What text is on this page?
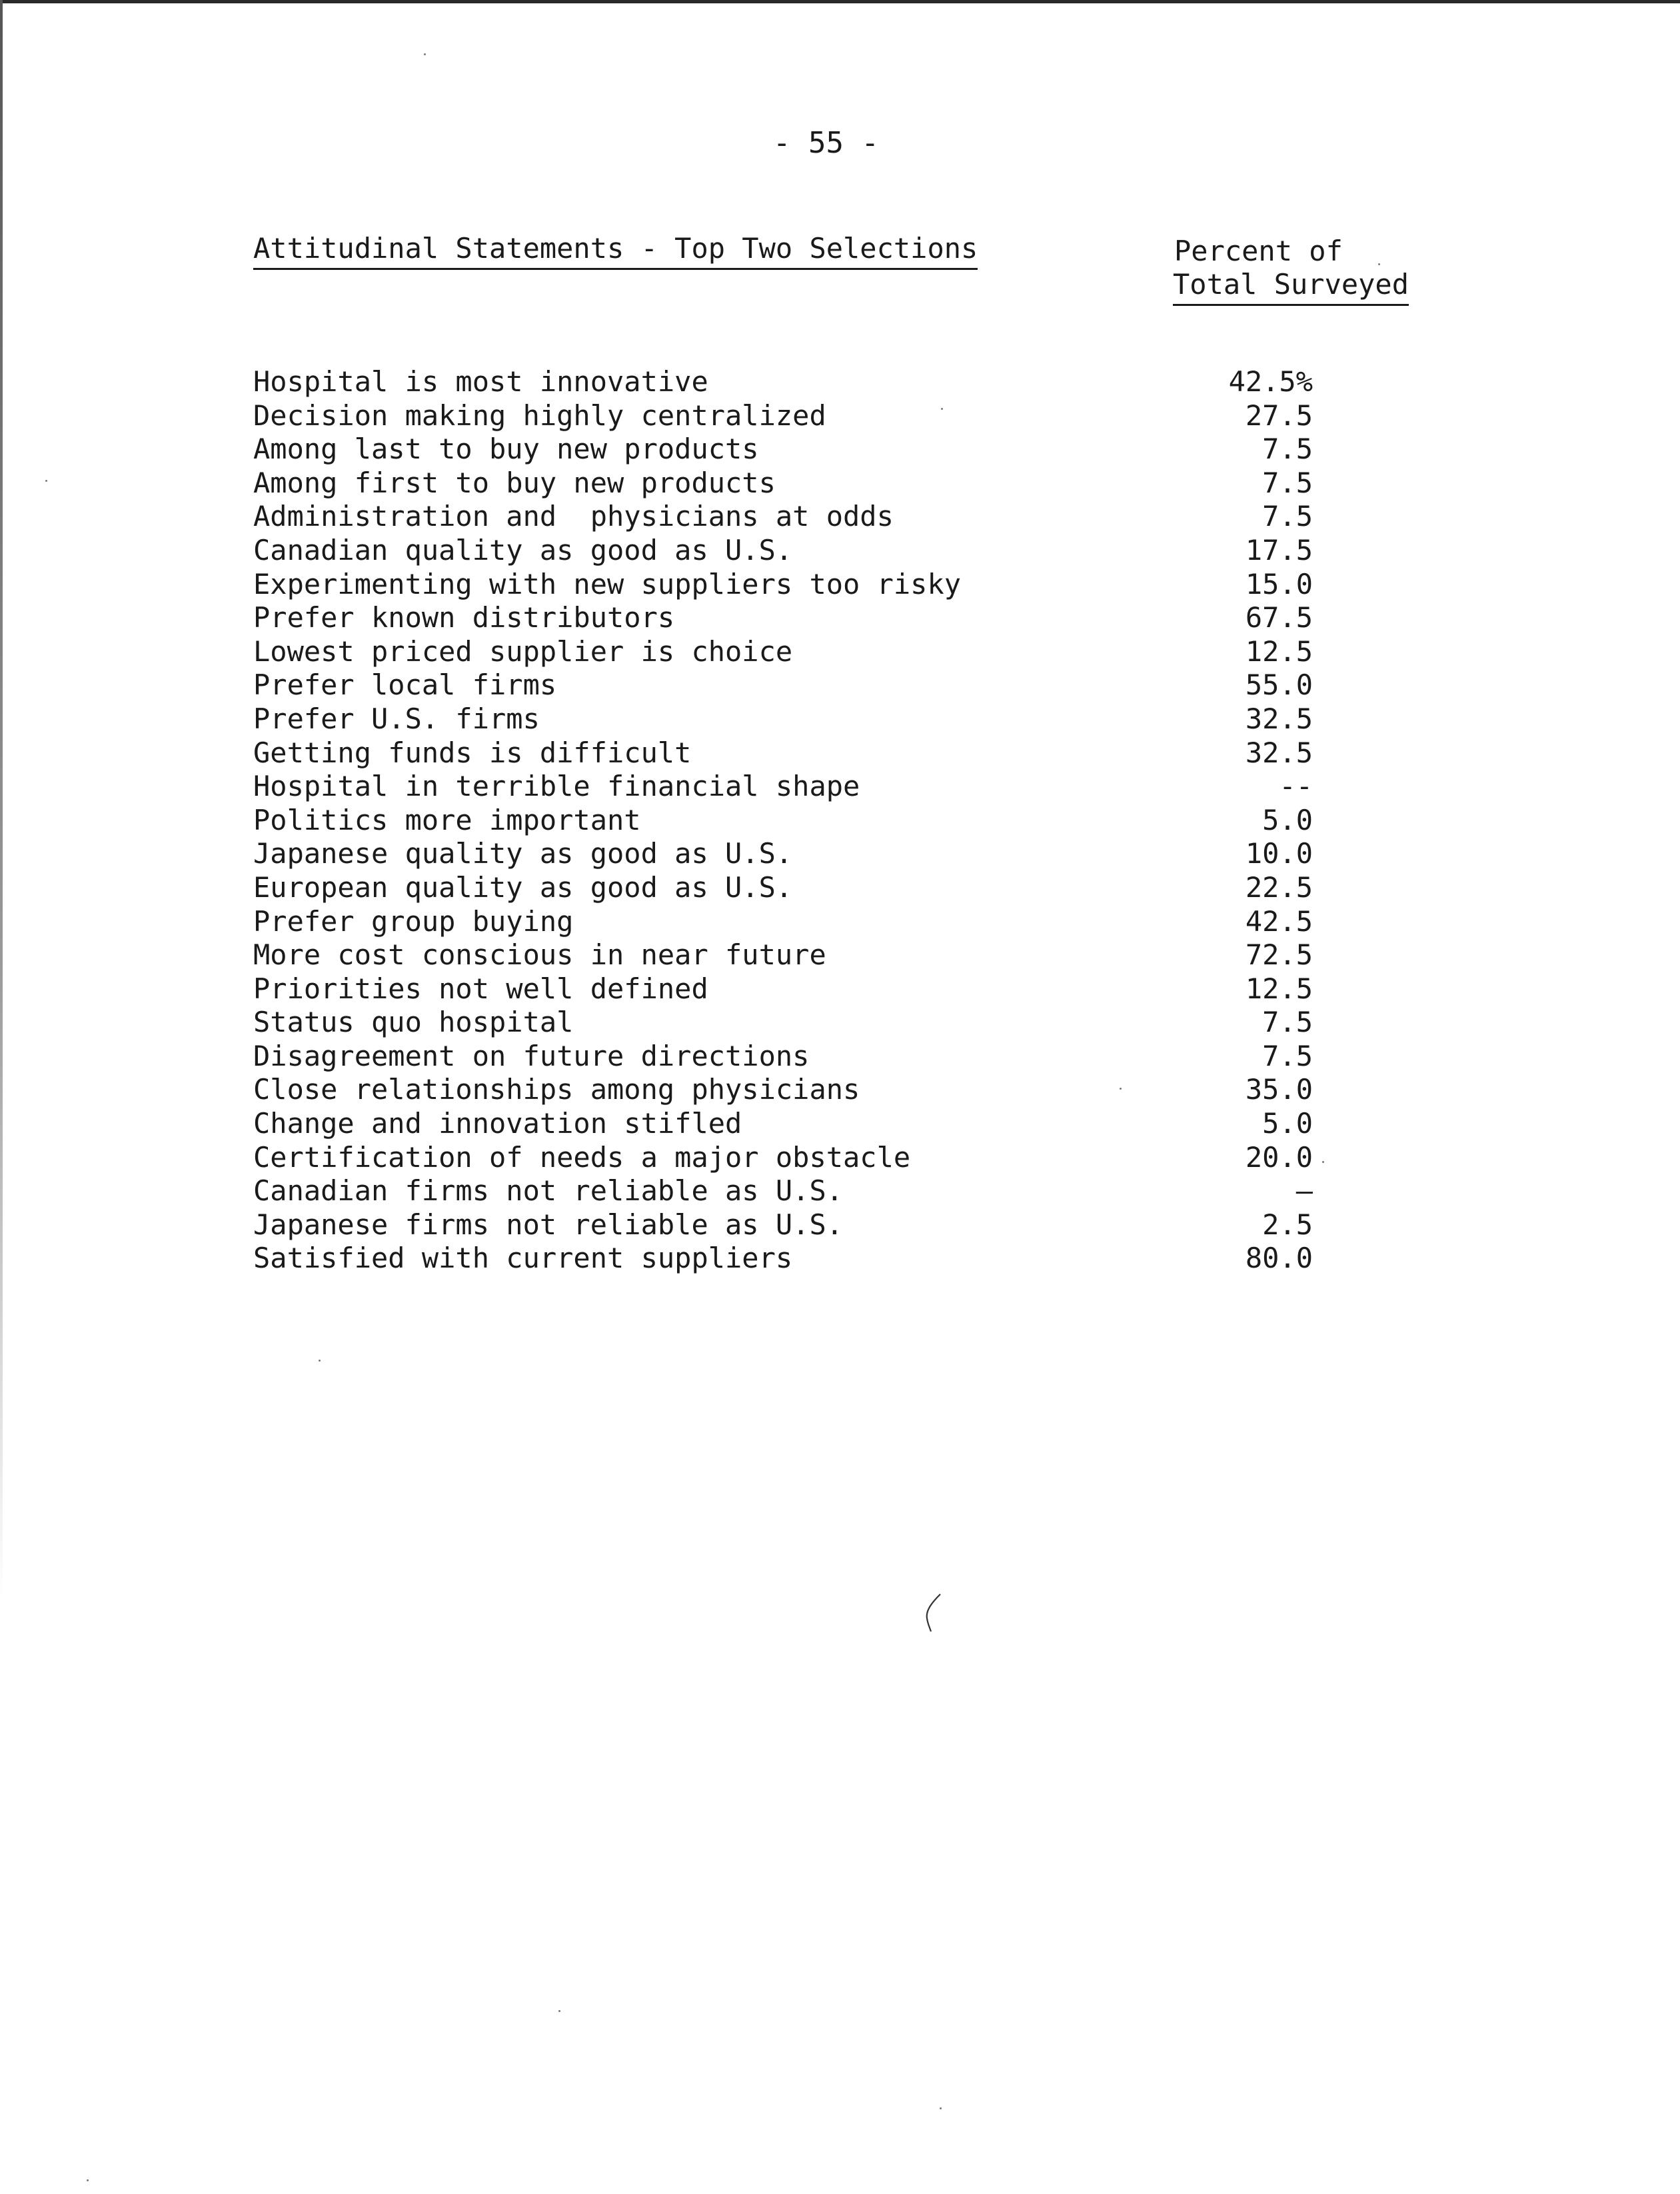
- 55 -
Attitudinal Statements - Top Two Selections	Percent of
Total Surveyed
Hospital is most innovative	42.5%
Decision making highly centralized	27.5
Among last to buy new products	7.5
Among first to buy new products	7.5
Administration and  physicians at odds	7.5
Canadian quality as good as U.S.	17.5
Experimenting with new suppliers too risky	15.0
Prefer known distributors	67.5
Lowest priced supplier is choice	12.5
Prefer local firms	55.0
Prefer U.S. firms	32.5
Getting funds is difficult	32.5
Hospital in terrible financial shape	--
Politics more important	5.0
Japanese quality as good as U.S.	10.0
European quality as good as U.S.	22.5
Prefer group buying	42.5
More cost conscious in near future	72.5
Priorities not well defined	12.5
Status quo hospital	7.5
Disagreement on future directions	7.5
Close relationships among physicians	35.0
Change and innovation stifled	5.0
Certification of needs a major obstacle	20.0
Canadian firms not reliable as U.S.	—
Japanese firms not reliable as U.S.	2.5
Satisfied with current suppliers	80.0
